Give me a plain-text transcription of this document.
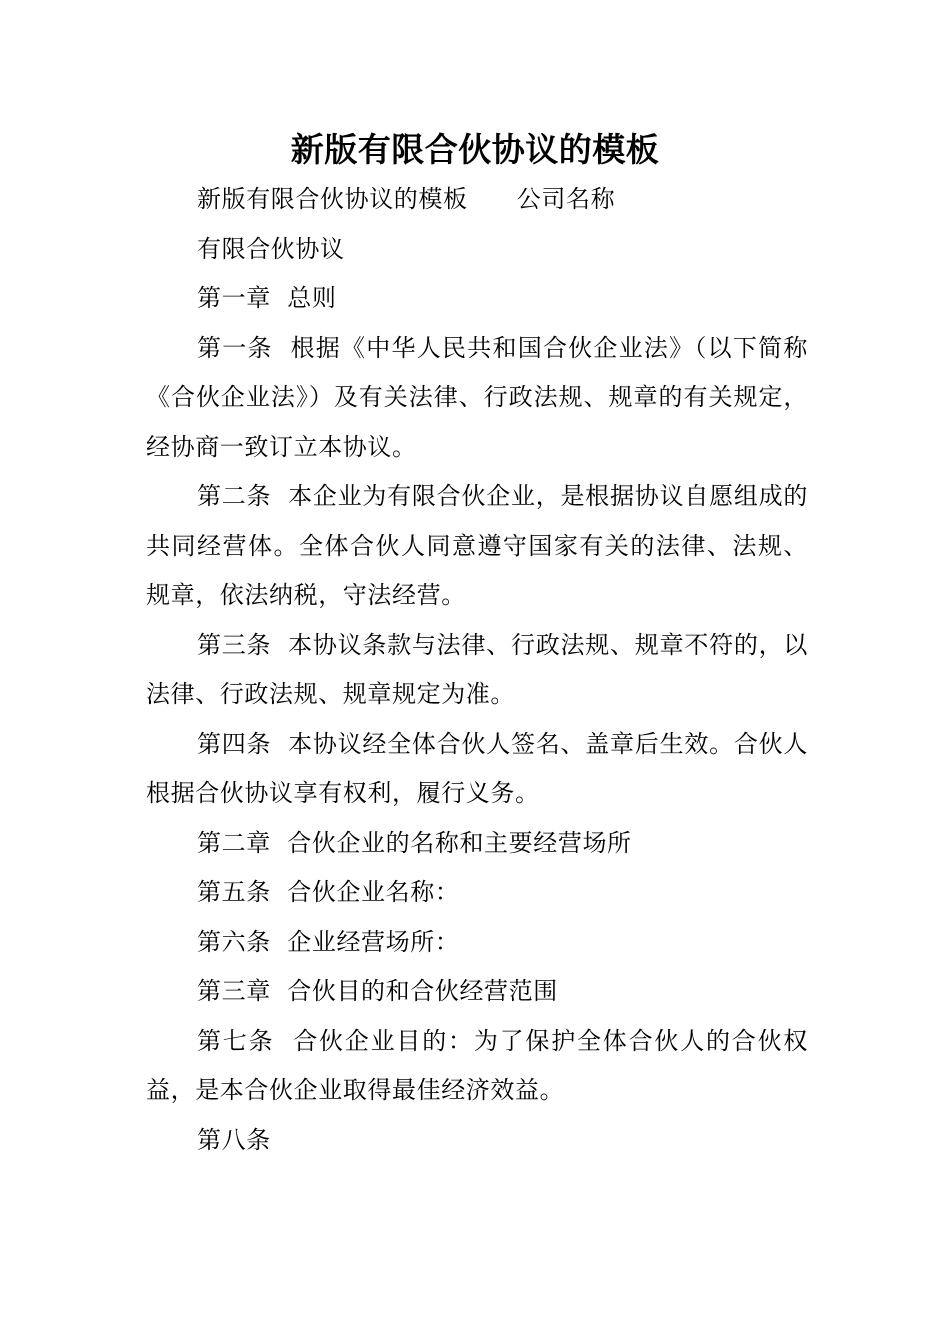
新版有限合伙协议的模板

新版有限合伙协议的模板　　公司名称

有限合伙协议

第一章  总则

第一条  根据《中华人民共和国合伙企业法》（以下简称《合伙企业法》）及有关法律、行政法规、规章的有关规定，经协商一致订立本协议。

第二条  本企业为有限合伙企业，是根据协议自愿组成的共同经营体。全体合伙人同意遵守国家有关的法律、法规、规章，依法纳税，守法经营。

第三条  本协议条款与法律、行政法规、规章不符的，以法律、行政法规、规章规定为准。

第四条  本协议经全体合伙人签名、盖章后生效。合伙人根据合伙协议享有权利，履行义务。

第二章  合伙企业的名称和主要经营场所

第五条  合伙企业名称：

第六条  企业经营场所：

第三章  合伙目的和合伙经营范围

第七条  合伙企业目的：为了保护全体合伙人的合伙权益，是本合伙企业取得最佳经济效益。

第八条
